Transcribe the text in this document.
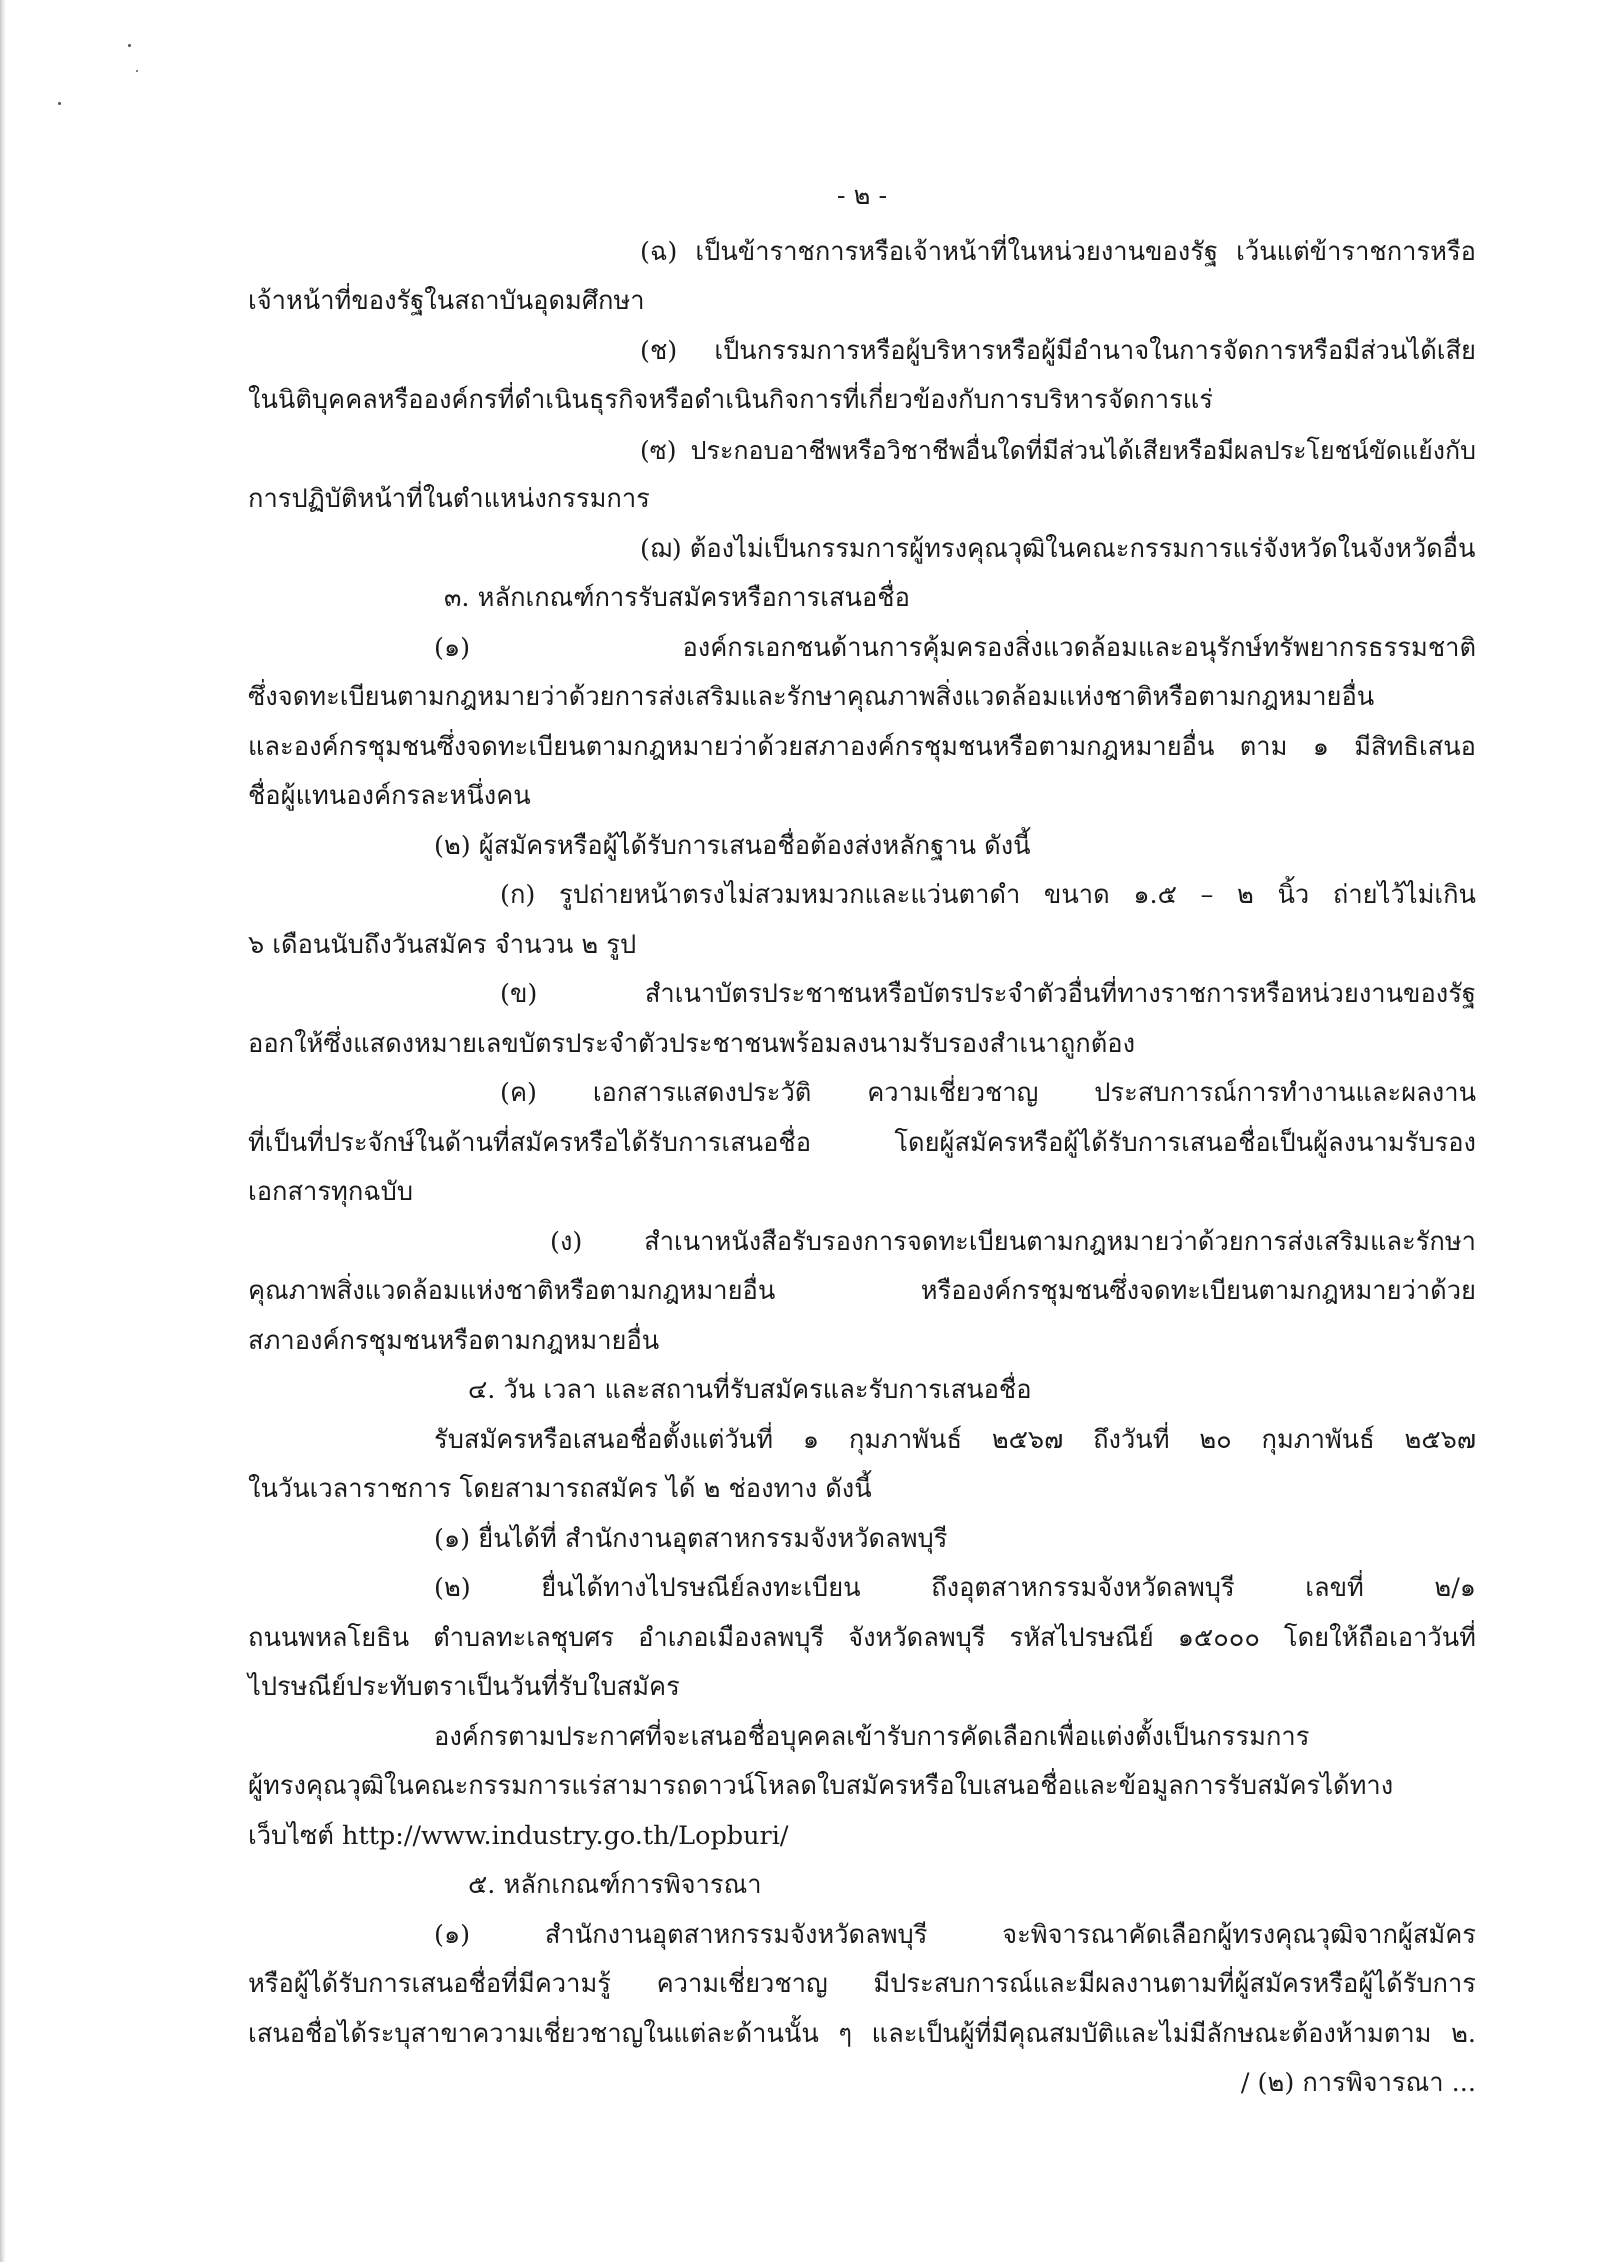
- ๒ -

(ฉ) เป็นข้าราชการหรือเจ้าหน้าที่ในหน่วยงานของรัฐ เว้นแต่ข้าราชการหรือ

เจ้าหน้าที่ของรัฐในสถาบันอุดมศึกษา

(ช) เป็นกรรมการหรือผู้บริหารหรือผู้มีอำนาจในการจัดการหรือมีส่วนได้เสีย

ในนิติบุคคลหรือองค์กรที่ดำเนินธุรกิจหรือดำเนินกิจการที่เกี่ยวข้องกับการบริหารจัดการแร่

(ซ) ประกอบอาชีพหรือวิชาชีพอื่นใดที่มีส่วนได้เสียหรือมีผลประโยชน์ขัดแย้งกับ

การปฏิบัติหน้าที่ในตำแหน่งกรรมการ

(ฌ) ต้องไม่เป็นกรรมการผู้ทรงคุณวุฒิในคณะกรรมการแร่จังหวัดในจังหวัดอื่น

๓. หลักเกณฑ์การรับสมัครหรือการเสนอชื่อ

(๑) องค์กรเอกชนด้านการคุ้มครองสิ่งแวดล้อมและอนุรักษ์ทรัพยากรธรรมชาติ

ซึ่งจดทะเบียนตามกฎหมายว่าด้วยการส่งเสริมและรักษาคุณภาพสิ่งแวดล้อมแห่งชาติหรือตามกฎหมายอื่น

และองค์กรชุมชนซึ่งจดทะเบียนตามกฎหมายว่าด้วยสภาองค์กรชุมชนหรือตามกฎหมายอื่น ตาม ๑ มีสิทธิเสนอ

ชื่อผู้แทนองค์กรละหนึ่งคน

(๒) ผู้สมัครหรือผู้ได้รับการเสนอชื่อต้องส่งหลักฐาน ดังนี้

(ก) รูปถ่ายหน้าตรงไม่สวมหมวกและแว่นตาดำ ขนาด ๑.๕ – ๒ นิ้ว ถ่ายไว้ไม่เกิน

๖ เดือนนับถึงวันสมัคร จำนวน ๒ รูป

(ข) สำเนาบัตรประชาชนหรือบัตรประจำตัวอื่นที่ทางราชการหรือหน่วยงานของรัฐ

ออกให้ซึ่งแสดงหมายเลขบัตรประจำตัวประชาชนพร้อมลงนามรับรองสำเนาถูกต้อง

(ค) เอกสารแสดงประวัติ ความเชี่ยวชาญ ประสบการณ์การทำงานและผลงาน

ที่เป็นที่ประจักษ์ในด้านที่สมัครหรือได้รับการเสนอชื่อ โดยผู้สมัครหรือผู้ได้รับการเสนอชื่อเป็นผู้ลงนามรับรอง

เอกสารทุกฉบับ

(ง) สำเนาหนังสือรับรองการจดทะเบียนตามกฎหมายว่าด้วยการส่งเสริมและรักษา

คุณภาพสิ่งแวดล้อมแห่งชาติหรือตามกฎหมายอื่น หรือองค์กรชุมชนซึ่งจดทะเบียนตามกฎหมายว่าด้วย

สภาองค์กรชุมชนหรือตามกฎหมายอื่น

๔. วัน เวลา และสถานที่รับสมัครและรับการเสนอชื่อ

รับสมัครหรือเสนอชื่อตั้งแต่วันที่ ๑ กุมภาพันธ์ ๒๕๖๗ ถึงวันที่ ๒๐ กุมภาพันธ์ ๒๕๖๗

ในวันเวลาราชการ โดยสามารถสมัคร ได้ ๒ ช่องทาง ดังนี้

(๑) ยื่นได้ที่ สำนักงานอุตสาหกรรมจังหวัดลพบุรี

(๒) ยื่นได้ทางไปรษณีย์ลงทะเบียน ถึงอุตสาหกรรมจังหวัดลพบุรี เลขที่ ๒/๑

ถนนพหลโยธิน ตำบลทะเลชุบศร อำเภอเมืองลพบุรี จังหวัดลพบุรี รหัสไปรษณีย์ ๑๕๐๐๐ โดยให้ถือเอาวันที่

ไปรษณีย์ประทับตราเป็นวันที่รับใบสมัคร

องค์กรตามประกาศที่จะเสนอชื่อบุคคลเข้ารับการคัดเลือกเพื่อแต่งตั้งเป็นกรรมการ

ผู้ทรงคุณวุฒิในคณะกรรมการแร่สามารถดาวน์โหลดใบสมัครหรือใบเสนอชื่อและข้อมูลการรับสมัครได้ทาง

เว็บไซต์ http://www.industry.go.th/Lopburi/

๕. หลักเกณฑ์การพิจารณา

(๑) สำนักงานอุตสาหกรรมจังหวัดลพบุรี จะพิจารณาคัดเลือกผู้ทรงคุณวุฒิจากผู้สมัคร

หรือผู้ได้รับการเสนอชื่อที่มีความรู้ ความเชี่ยวชาญ มีประสบการณ์และมีผลงานตามที่ผู้สมัครหรือผู้ได้รับการ

เสนอชื่อได้ระบุสาขาความเชี่ยวชาญในแต่ละด้านนั้น ๆ และเป็นผู้ที่มีคุณสมบัติและไม่มีลักษณะต้องห้ามตาม ๒.

/ (๒) การพิจารณา ...
